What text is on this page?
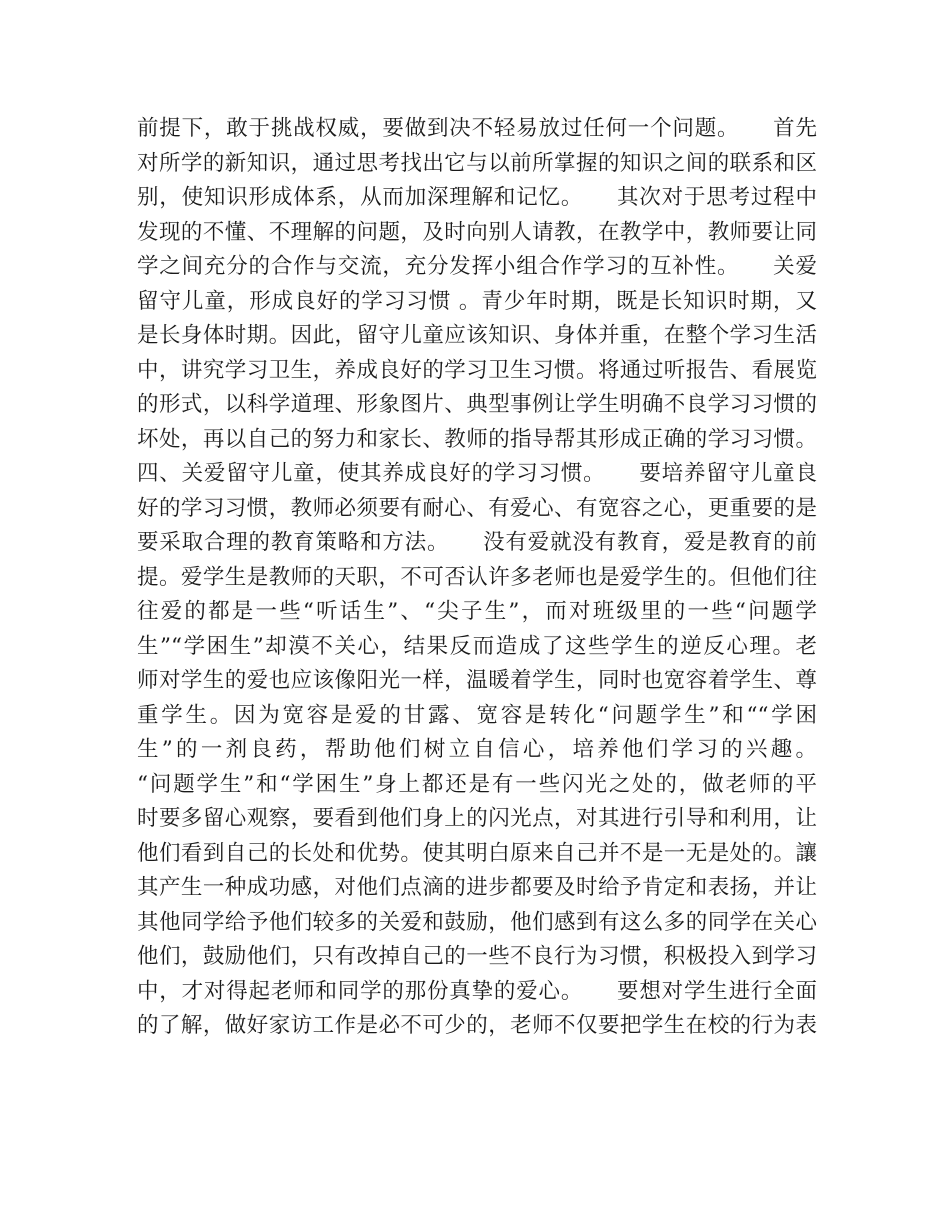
前提下，敢于挑战权威，要做到决不轻易放过任何一个问题。　　首先
对所学的新知识，通过思考找出它与以前所掌握的知识之间的联系和区
别，使知识形成体系，从而加深理解和记忆。　　其次对于思考过程中
发现的不懂、不理解的问题，及时向别人请教，在教学中，教师要让同
学之间充分的合作与交流，充分发挥小组合作学习的互补性。　　关爱
留守儿童，形成良好的学习习惯 。青少年时期，既是长知识时期，又
是长身体时期。因此，留守儿童应该知识、身体并重，在整个学习生活
中，讲究学习卫生，养成良好的学习卫生习惯。将通过听报告、看展览
的形式，以科学道理、形象图片、典型事例让学生明确不良学习习惯的
坏处，再以自己的努力和家长、教师的指导帮其形成正确的学习习惯。
四、关爱留守儿童，使其养成良好的学习习惯。　　要培养留守儿童良
好的学习习惯，教师必须要有耐心、有爱心、有宽容之心，更重要的是
要采取合理的教育策略和方法。　　没有爱就没有教育，爱是教育的前
提。爱学生是教师的天职，不可否认许多老师也是爱学生的。但他们往
往爱的都是一些“听话生”、“尖子生”，而对班级里的一些“问题学
生”“学困生”却漠不关心，结果反而造成了这些学生的逆反心理。老
师对学生的爱也应该像阳光一样，温暖着学生，同时也宽容着学生、尊
重学生。因为宽容是爱的甘露、宽容是转化“问题学生”和““学困
生”的一剂良药，帮助他们树立自信心，培养他们学习的兴趣。
“问题学生”和“学困生”身上都还是有一些闪光之处的，做老师的平
时要多留心观察，要看到他们身上的闪光点，对其进行引导和利用，让
他们看到自己的长处和优势。使其明白原来自己并不是一无是处的。讓
其产生一种成功感，对他们点滴的进步都要及时给予肯定和表扬，并让
其他同学给予他们较多的关爱和鼓励，他们感到有这么多的同学在关心
他们，鼓励他们，只有改掉自己的一些不良行为习惯，积极投入到学习
中，才对得起老师和同学的那份真挚的爱心。　　要想对学生进行全面
的了解，做好家访工作是必不可少的，老师不仅要把学生在校的行为表
